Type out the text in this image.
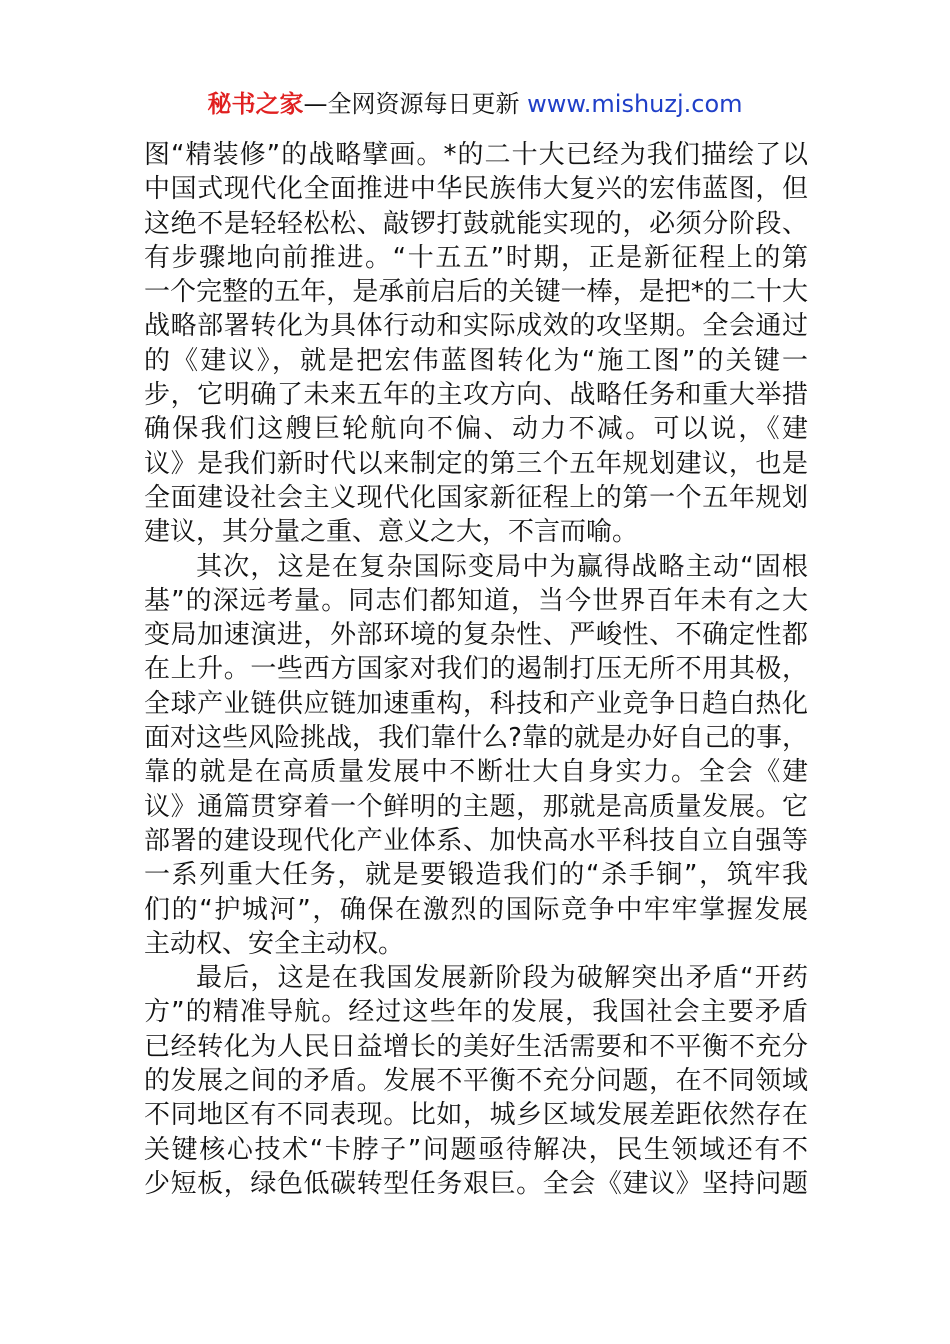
秘书之家—全网资源每日更新 www.mishuzj.com
图“精装修”的战略擘画。*的二十大已经为我们描绘了以
中国式现代化全面推进中华民族伟大复兴的宏伟蓝图，但
这绝不是轻轻松松、敲锣打鼓就能实现的，必须分阶段、
有步骤地向前推进。“十五五”时期，正是新征程上的第
一个完整的五年，是承前启后的关键一棒，是把*的二十大
战略部署转化为具体行动和实际成效的攻坚期。全会通过
的《建议》，就是把宏伟蓝图转化为“施工图”的关键一
步，它明确了未来五年的主攻方向、战略任务和重大举措
确保我们这艘巨轮航向不偏、动力不减。可以说，《建
议》是我们新时代以来制定的第三个五年规划建议，也是
全面建设社会主义现代化国家新征程上的第一个五年规划
建议，其分量之重、意义之大，不言而喻。
其次，这是在复杂国际变局中为赢得战略主动“固根
基”的深远考量。同志们都知道，当今世界百年未有之大
变局加速演进，外部环境的复杂性、严峻性、不确定性都
在上升。一些西方国家对我们的遏制打压无所不用其极，
全球产业链供应链加速重构，科技和产业竞争日趋白热化
面对这些风险挑战，我们靠什么?靠的就是办好自己的事，
靠的就是在高质量发展中不断壮大自身实力。全会《建
议》通篇贯穿着一个鲜明的主题，那就是高质量发展。它
部署的建设现代化产业体系、加快高水平科技自立自强等
一系列重大任务，就是要锻造我们的“杀手锏”，筑牢我
们的“护城河”，确保在激烈的国际竞争中牢牢掌握发展
主动权、安全主动权。
最后，这是在我国发展新阶段为破解突出矛盾“开药
方”的精准导航。经过这些年的发展，我国社会主要矛盾
已经转化为人民日益增长的美好生活需要和不平衡不充分
的发展之间的矛盾。发展不平衡不充分问题，在不同领域
不同地区有不同表现。比如，城乡区域发展差距依然存在
关键核心技术“卡脖子”问题亟待解决，民生领域还有不
少短板，绿色低碳转型任务艰巨。全会《建议》坚持问题
